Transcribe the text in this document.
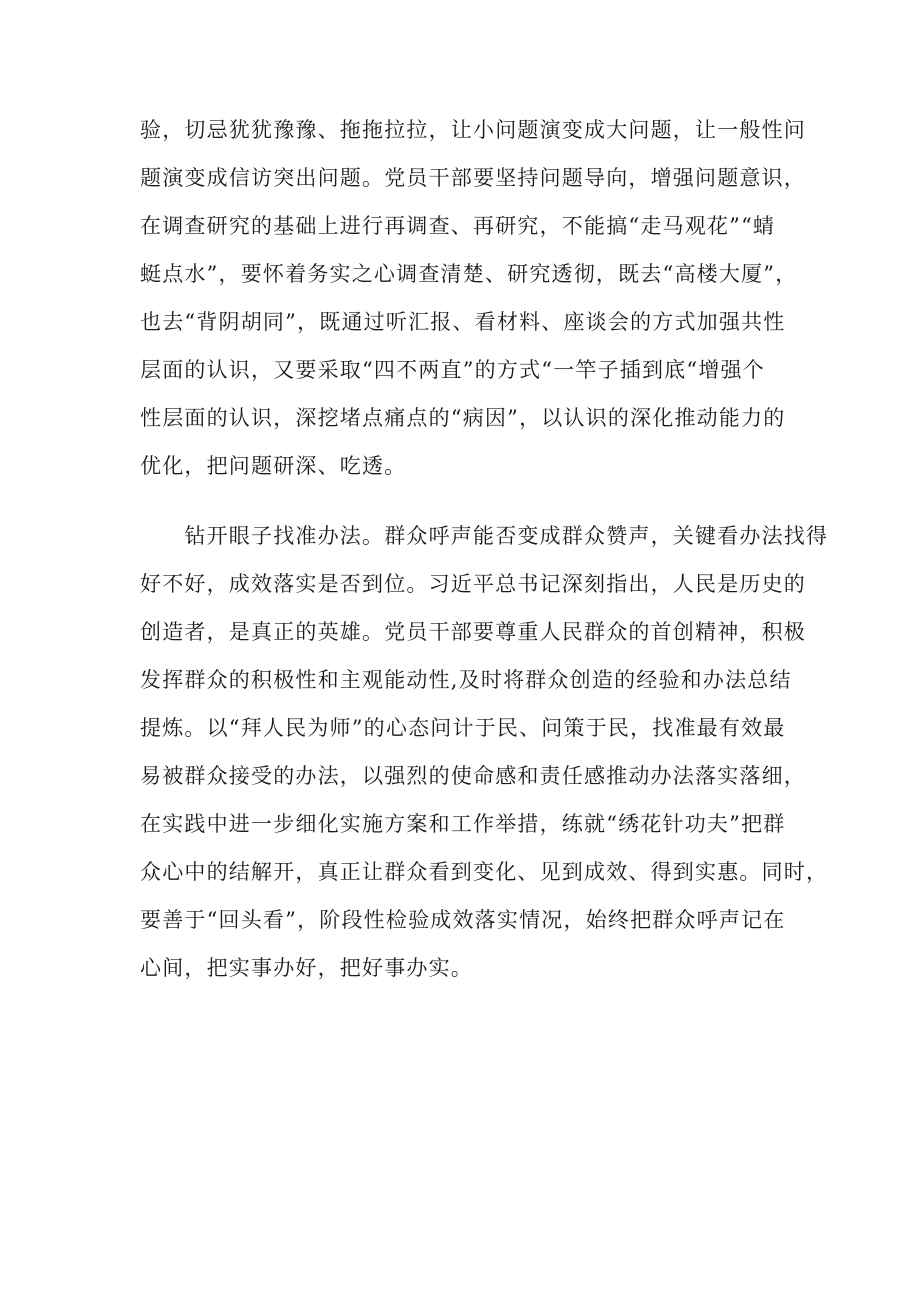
验，切忌犹犹豫豫、拖拖拉拉，让小问题演变成大问题，让一般性问
题演变成信访突出问题。党员干部要坚持问题导向，增强问题意识，
在调查研究的基础上进行再调查、再研究，不能搞“走马观花”“蜻
蜓点水”，要怀着务实之心调查清楚、研究透彻，既去“高楼大厦”，
也去“背阴胡同”，既通过听汇报、看材料、座谈会的方式加强共性
层面的认识，又要采取“四不两直”的方式“一竿子插到底“增强个
性层面的认识，深挖堵点痛点的“病因”，以认识的深化推动能力的
优化，把问题研深、吃透。
　　钻开眼子找准办法。群众呼声能否变成群众赞声，关键看办法找得
好不好，成效落实是否到位。习近平总书记深刻指出，人民是历史的
创造者，是真正的英雄。党员干部要尊重人民群众的首创精神，积极
发挥群众的积极性和主观能动性,及时将群众创造的经验和办法总结
提炼。以“拜人民为师”的心态问计于民、问策于民，找准最有效最
易被群众接受的办法，以强烈的使命感和责任感推动办法落实落细，
在实践中进一步细化实施方案和工作举措，练就“绣花针功夫”把群
众心中的结解开，真正让群众看到变化、见到成效、得到实惠。同时，
要善于“回头看”，阶段性检验成效落实情况，始终把群众呼声记在
心间，把实事办好，把好事办实。
